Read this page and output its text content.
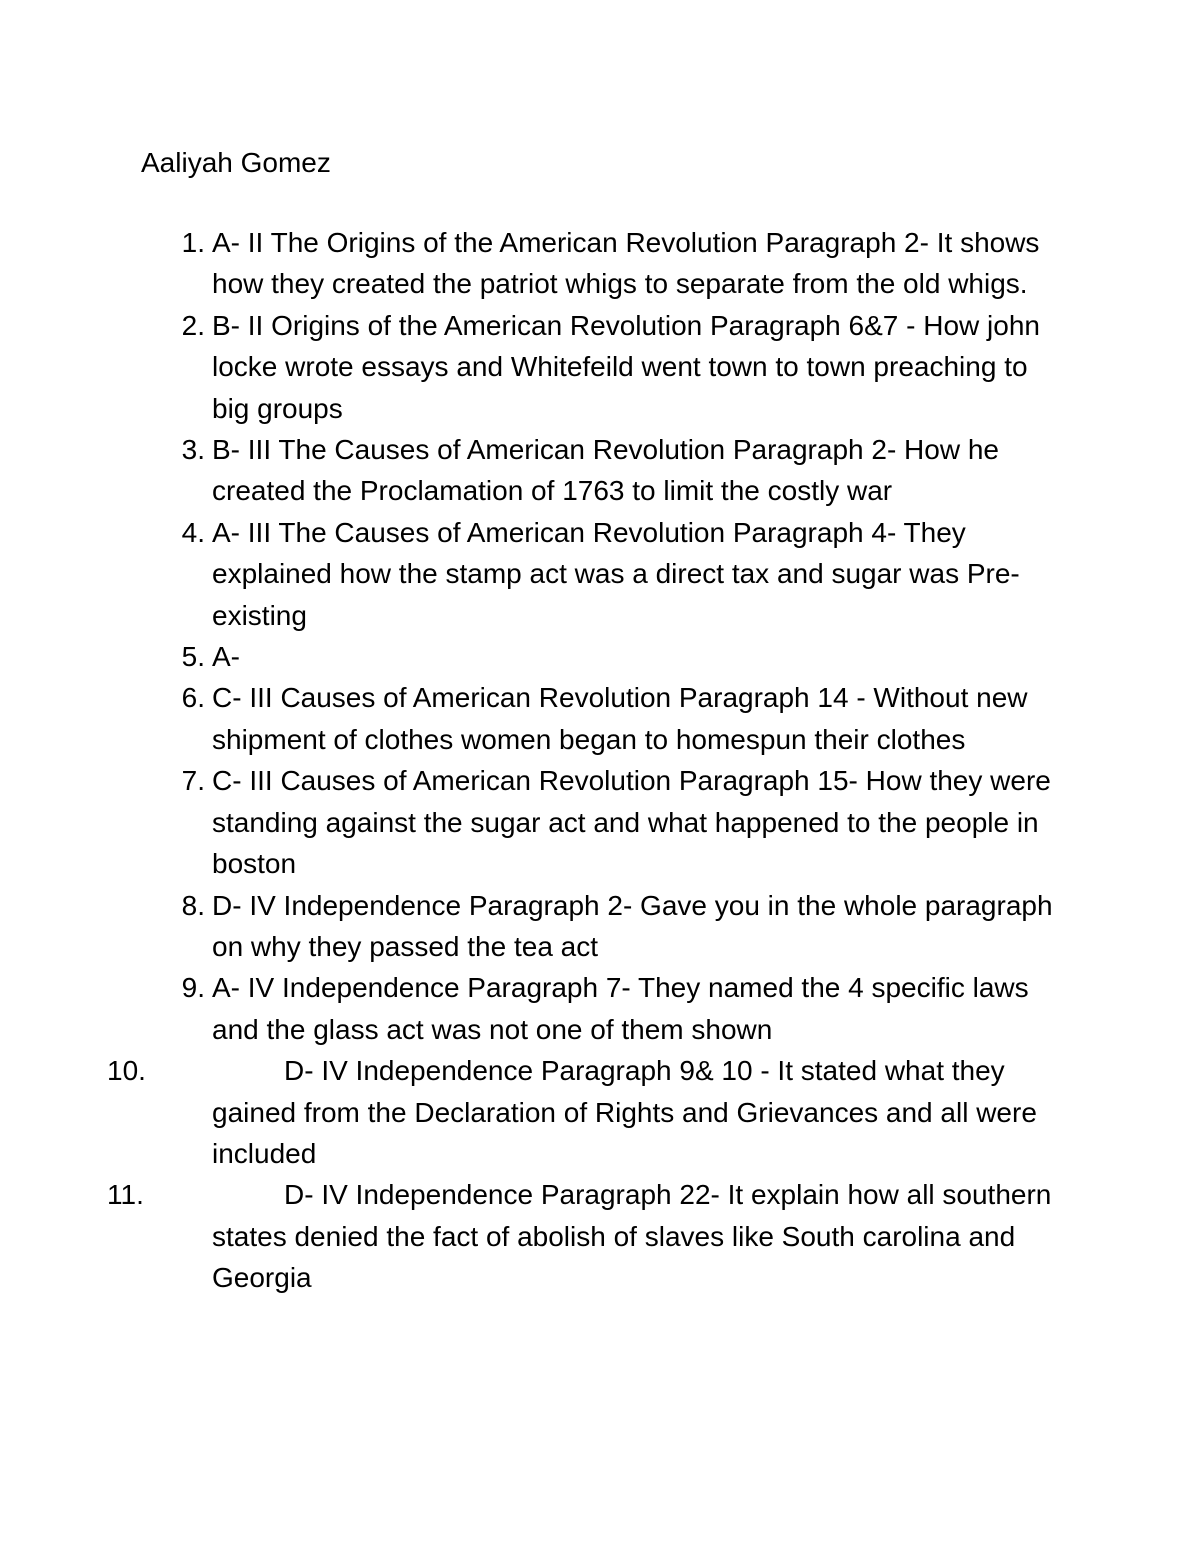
Aaliyah Gomez
1. A- II The Origins of the American Revolution Paragraph 2- It shows how they created the patriot whigs to separate from the old whigs.
2. B- II Origins of the American Revolution Paragraph 6&7 - How john locke wrote essays and Whitefeild went town to town preaching to big groups
3. B- III The Causes of American Revolution Paragraph 2- How he created the Proclamation of 1763 to limit the costly war
4. A- III The Causes of American Revolution Paragraph 4- They explained how the stamp act was a direct tax and sugar was Pre- existing
5. A-
6. C- III Causes of American Revolution Paragraph 14 - Without new shipment of clothes women began to homespun their clothes
7. C- III Causes of American Revolution Paragraph 15- How they were standing against the sugar act and what happened to the people in boston
8. D- IV Independence Paragraph 2- Gave you in the whole paragraph on why they passed the tea act
9. A- IV Independence Paragraph 7- They named the 4 specific laws and the glass act was not one of them shown
10.	D- IV Independence Paragraph 9& 10 - It stated what they gained from the Declaration of Rights and Grievances and all were included
11.	D- IV Independence Paragraph 22- It explain how all southern states denied the fact of abolish of slaves like South carolina and Georgia
